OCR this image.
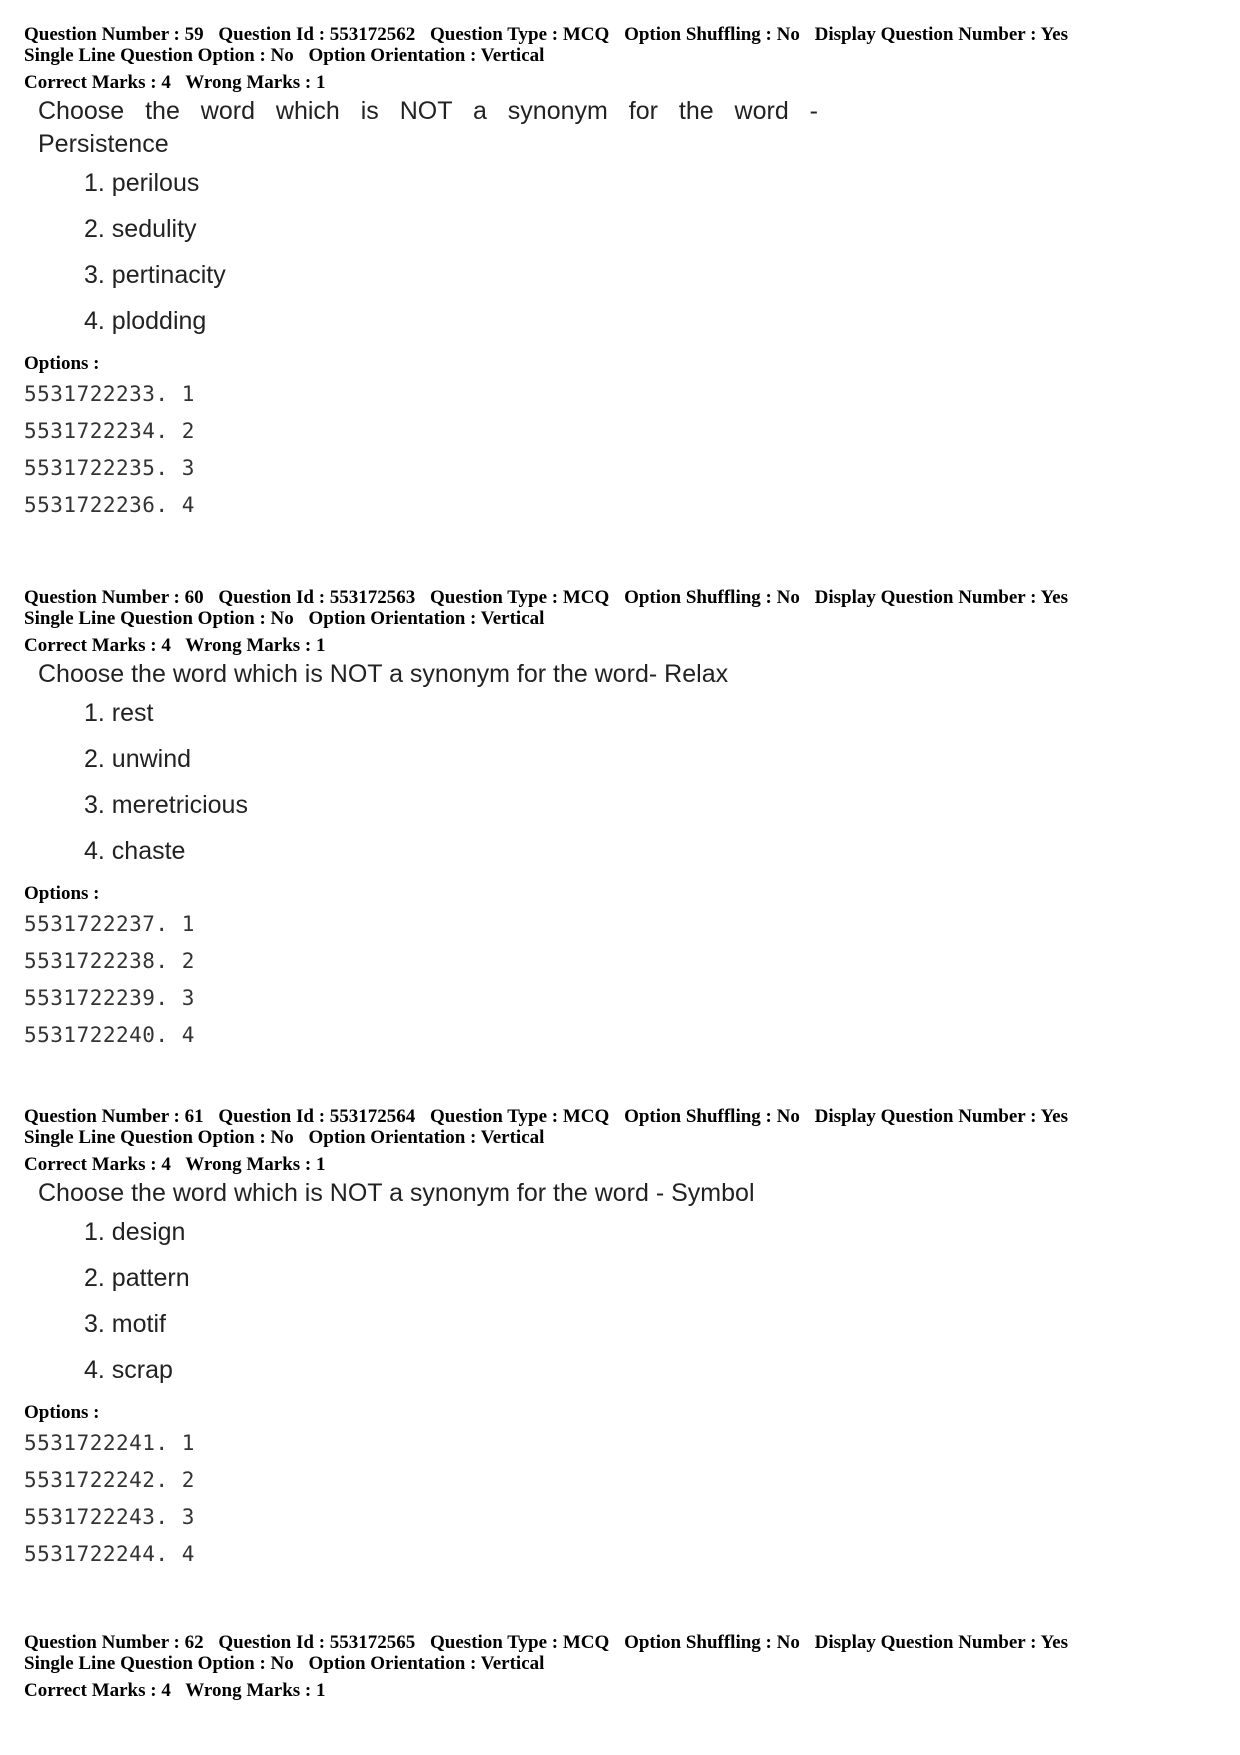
Question Number : 59 Question Id : 553172562 Question Type : MCQ Option Shuffling : No Display Question Number : Yes
Single Line Question Option : No Option Orientation : Vertical
Correct Marks : 4 Wrong Marks : 1
Choose the word which is NOT a synonym for the word - Persistence
1. perilous
2. sedulity
3. pertinacity
4. plodding
Options :
5531722233. 1
5531722234. 2
5531722235. 3
5531722236. 4
Question Number : 60 Question Id : 553172563 Question Type : MCQ Option Shuffling : No Display Question Number : Yes
Single Line Question Option : No Option Orientation : Vertical
Correct Marks : 4 Wrong Marks : 1
Choose the word which is NOT a synonym for the word- Relax
1. rest
2. unwind
3. meretricious
4. chaste
Options :
5531722237. 1
5531722238. 2
5531722239. 3
5531722240. 4
Question Number : 61 Question Id : 553172564 Question Type : MCQ Option Shuffling : No Display Question Number : Yes
Single Line Question Option : No Option Orientation : Vertical
Correct Marks : 4 Wrong Marks : 1
Choose the word which is NOT a synonym for the word - Symbol
1. design
2. pattern
3. motif
4. scrap
Options :
5531722241. 1
5531722242. 2
5531722243. 3
5531722244. 4
Question Number : 62 Question Id : 553172565 Question Type : MCQ Option Shuffling : No Display Question Number : Yes
Single Line Question Option : No Option Orientation : Vertical
Correct Marks : 4 Wrong Marks : 1
